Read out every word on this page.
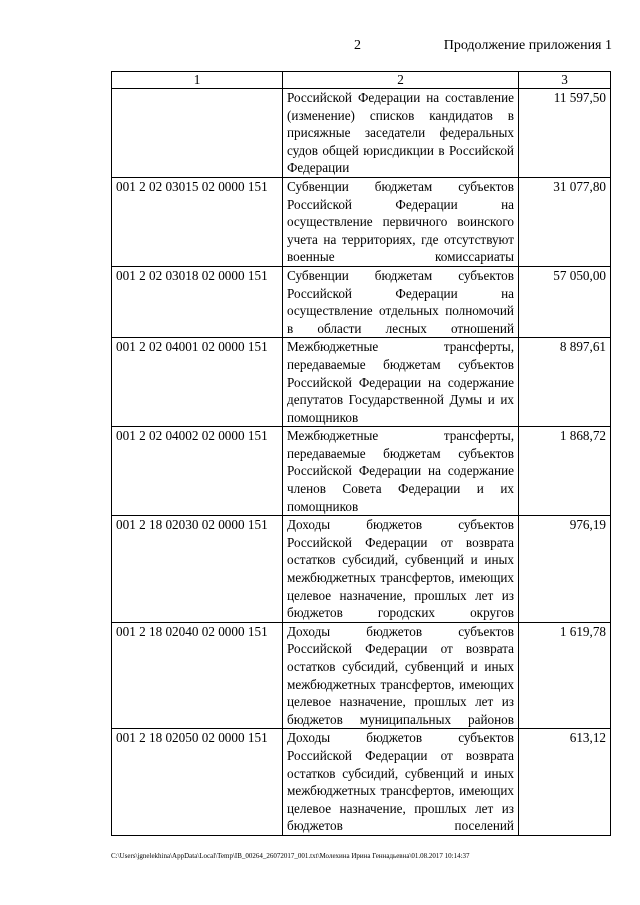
2	Продолжение приложения 1
1	2	3
	Российской Федерации на составление (изменение) списков кандидатов в присяжные заседатели федеральных судов общей юрисдикции в Российской Федерации	11 597,50
001 2 02 03015 02 0000 151	Субвенции бюджетам субъектов Российской Федерации на осуществление первичного воинского учета на территориях, где отсутствуют военные комиссариаты	31 077,80
001 2 02 03018 02 0000 151	Субвенции бюджетам субъектов Российской Федерации на осуществление отдельных полномочий в области лесных отношений	57 050,00
001 2 02 04001 02 0000 151	Межбюджетные трансферты, передаваемые бюджетам субъектов Российской Федерации на содержание депутатов Государственной Думы и их помощников	8 897,61
001 2 02 04002 02 0000 151	Межбюджетные трансферты, передаваемые бюджетам субъектов Российской Федерации на содержание членов Совета Федерации и их помощников	1 868,72
001 2 18 02030 02 0000 151	Доходы бюджетов субъектов Российской Федерации от возврата остатков субсидий, субвенций и иных межбюджетных трансфертов, имеющих целевое назначение, прошлых лет из бюджетов городских округов	976,19
001 2 18 02040 02 0000 151	Доходы бюджетов субъектов Российской Федерации от возврата остатков субсидий, субвенций и иных межбюджетных трансфертов, имеющих целевое назначение, прошлых лет из бюджетов муниципальных районов	1 619,78
001 2 18 02050 02 0000 151	Доходы бюджетов субъектов Российской Федерации от возврата остатков субсидий, субвенций и иных межбюджетных трансфертов, имеющих целевое назначение, прошлых лет из бюджетов поселений	613,12
C:\Users\jgnelekhina\AppData\Local\Temp\IB_00264_26072017_001.txt\Молехина Ирина Геннадьевна\01.08.2017 10:14:37
